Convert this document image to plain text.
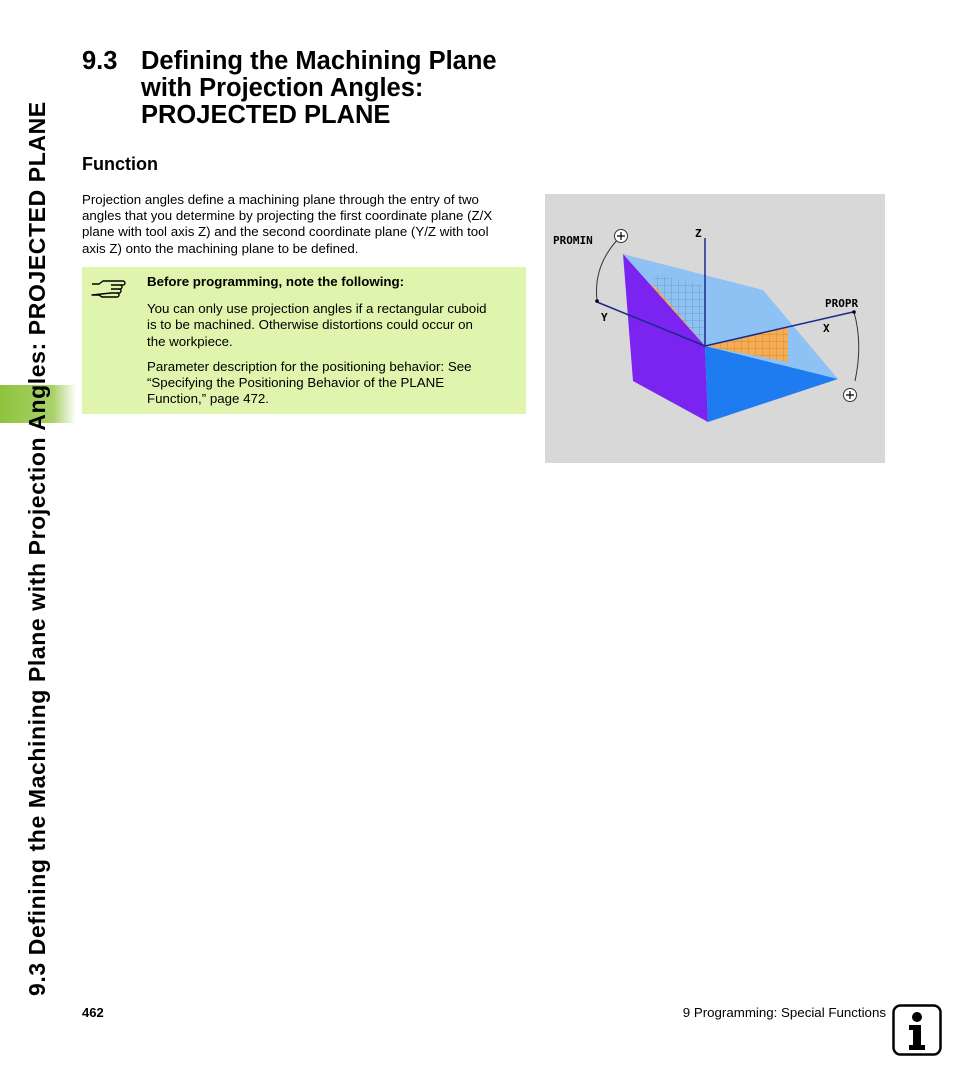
9.3 Defining the Machining Plane with Projection Angles: PROJECTED PLANE
9.3 Defining the Machining Plane
with Projection Angles:
PROJECTED PLANE
Function
Projection angles define a machining plane through the entry of two
angles that you determine by projecting the first coordinate plane (Z/X
plane with tool axis Z) and the second coordinate plane (Y/Z with tool
axis Z) onto the machining plane to be defined.
Before programming, note the following:
You can only use projection angles if a rectangular cuboid
is to be machined. Otherwise distortions could occur on
the workpiece.
Parameter description for the positioning behavior: See
“Specifying the Positioning Behavior of the PLANE
Function,” page 472.
PROMIN
PROPR
Z
X
Y
462	9 Programming: Special Functions
